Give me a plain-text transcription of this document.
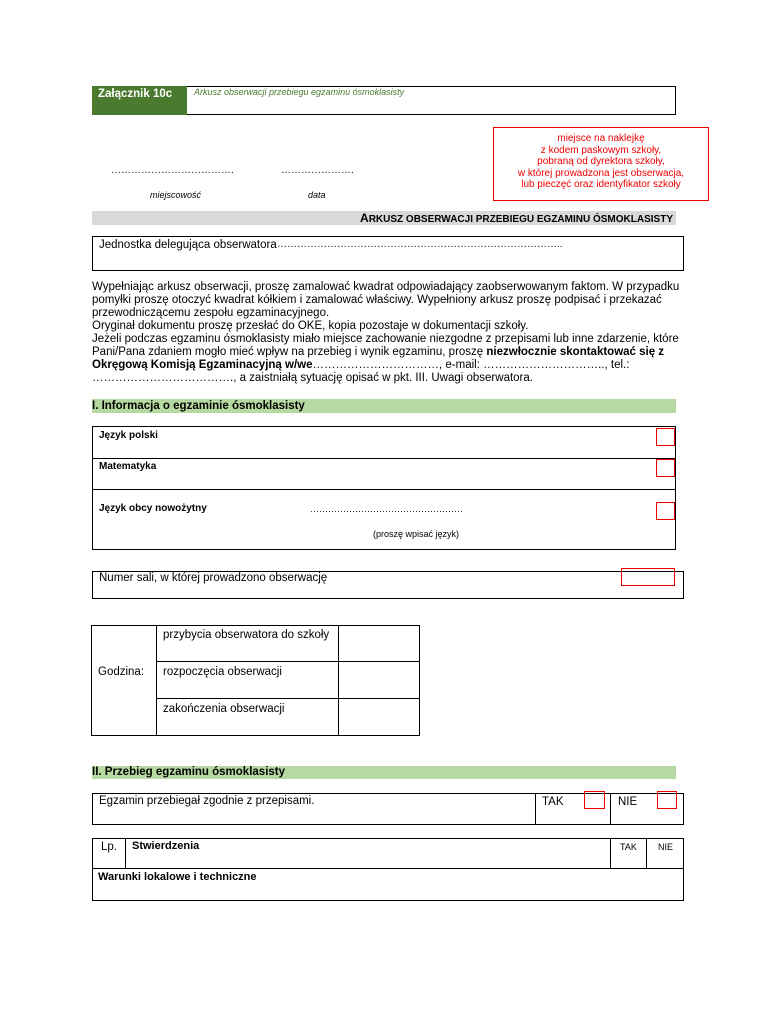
Załącznik 10c	Arkusz obserwacji przebiegu egzaminu ósmoklasisty
miejsce na naklejkę
z kodem paskowym szkoły,
pobraną od dyrektora szkoły,
w której prowadzona jest obserwacja,
lub pieczęć oraz identyfikator szkoły
……………………………….	………………….
miejscowość	data
ARKUSZ OBSERWACJI PRZEBIEGU EGZAMINU ÓSMOKLASISTY
Jednostka delegująca obserwatora …………………………………………………………………………..
Wypełniając arkusz obserwacji, proszę zamalować kwadrat odpowiadający zaobserwowanym faktom. W przypadku pomyłki proszę otoczyć kwadrat kółkiem i zamalować właściwy. Wypełniony arkusz proszę podpisać i przekazać przewodniczącemu zespołu egzaminacyjnego.
Oryginał dokumentu proszę przesłać do OKE, kopia pozostaje w dokumentacji szkoły.
Jeżeli podczas egzaminu ósmoklasisty miało miejsce zachowanie niezgodne z przepisami lub inne zdarzenie, które Pani/Pana zdaniem mogło mieć wpływ na przebieg i wynik egzaminu, proszę niezwłocznie skontaktować się z Okręgową Komisją Egzaminacyjną w/we……………………………, e-mail: ………………………….., tel.: ………………………………., a zaistniałą sytuację opisać w pkt. III. Uwagi obserwatora.
I. Informacja o egzaminie ósmoklasisty
Język polski
Matematyka
Język obcy nowożytny	……………………………………………
(proszę wpisać język)
Numer sali, w której prowadzono obserwację
Godzina:
przybycia obserwatora do szkoły
rozpoczęcia obserwacji
zakończenia obserwacji
II. Przebieg egzaminu ósmoklasisty
Egzamin przebiegał zgodnie z przepisami.	TAK	NIE
Lp. Stwierdzenia	TAK NIE
Warunki lokalowe i techniczne
